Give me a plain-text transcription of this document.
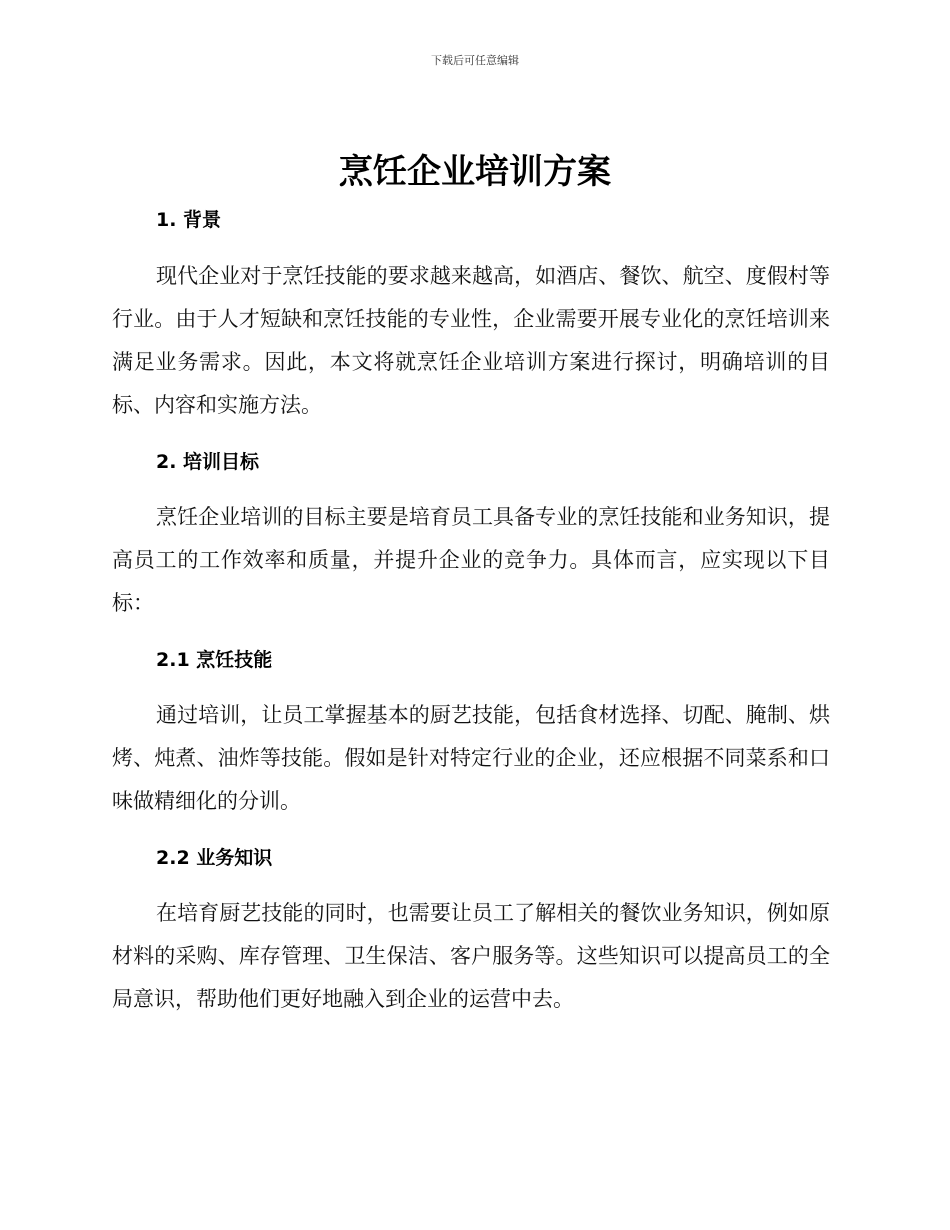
下载后可任意编辑
烹饪企业培训方案
1. 背景

现代企业对于烹饪技能的要求越来越高，如酒店、餐饮、航空、度假村等行业。由于人才短缺和烹饪技能的专业性，企业需要开展专业化的烹饪培训来满足业务需求。因此，本文将就烹饪企业培训方案进行探讨，明确培训的目标、内容和实施方法。

2. 培训目标

烹饪企业培训的目标主要是培育员工具备专业的烹饪技能和业务知识，提高员工的工作效率和质量，并提升企业的竞争力。具体而言，应实现以下目标：

2.1 烹饪技能

通过培训，让员工掌握基本的厨艺技能，包括食材选择、切配、腌制、烘烤、炖煮、油炸等技能。假如是针对特定行业的企业，还应根据不同菜系和口味做精细化的分训。

2.2 业务知识

在培育厨艺技能的同时，也需要让员工了解相关的餐饮业务知识，例如原材料的采购、库存管理、卫生保洁、客户服务等。这些知识可以提高员工的全局意识，帮助他们更好地融入到企业的运营中去。
